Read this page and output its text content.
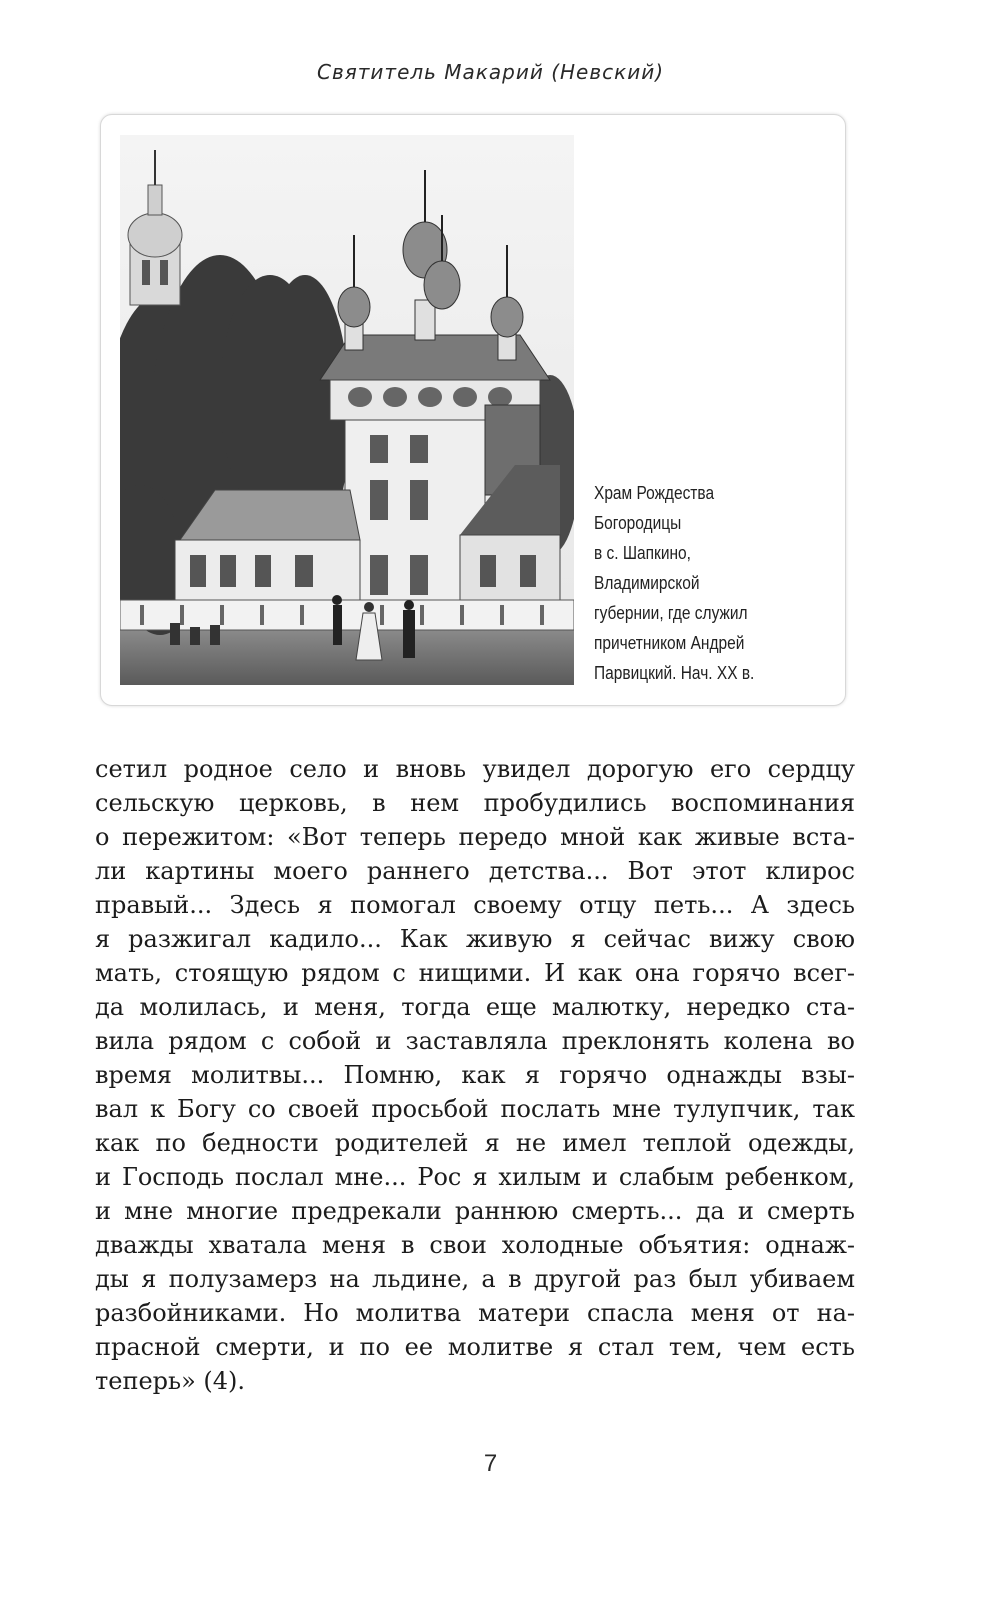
Святитель Макарий (Невский)
Храм Рождества
Богородицы
в с. Шапкино,
Владимирской
губернии, где служил
причетником Андрей
Парвицкий. Нач. XX в.
сетил родное село и вновь увидел дорогую его сердцу
сельскую церковь, в нем пробудились воспоминания
о пережитом: «Вот теперь передо мной как живые вста-
ли картины моего раннего детства... Вот этот клирос
правый... Здесь я помогал своему отцу петь... А здесь
я разжигал кадило... Как живую я сейчас вижу свою
мать, стоящую рядом с нищими. И как она горячо всег-
да молилась, и меня, тогда еще малютку, нередко ста-
вила рядом с собой и заставляла преклонять колена во
время молитвы... Помню, как я горячо однажды взы-
вал к Богу со своей просьбой послать мне тулупчик, так
как по бедности родителей я не имел теплой одежды,
и Господь послал мне... Рос я хилым и слабым ребенком,
и мне многие предрекали раннюю смерть... да и смерть
дважды хватала меня в свои холодные объятия: однаж-
ды я полузамерз на льдине, а в другой раз был убиваем
разбойниками. Но молитва матери спасла меня от на-
прасной смерти, и по ее молитве я стал тем, чем есть
теперь» (4).
7
